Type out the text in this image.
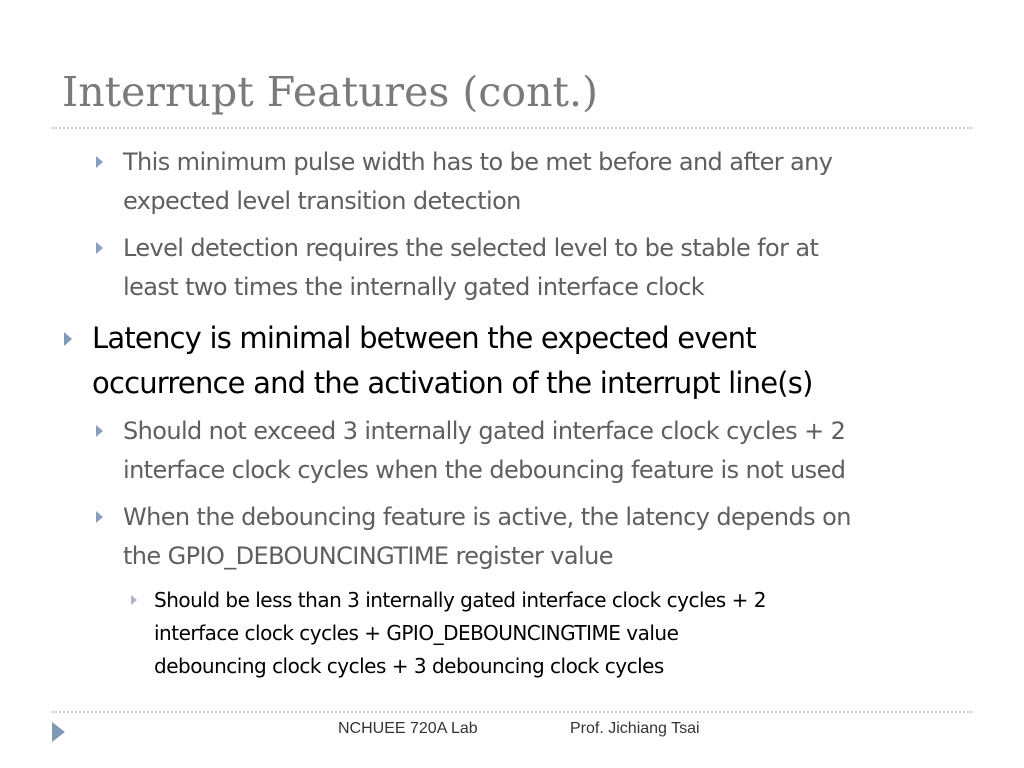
Interrupt Features (cont.)
This minimum pulse width has to be met before and after any
expected level transition detection
Level detection requires the selected level to be stable for at
least two times the internally gated interface clock
Latency is minimal between the expected event
occurrence and the activation of the interrupt line(s)
Should not exceed 3 internally gated interface clock cycles + 2
interface clock cycles when the debouncing feature is not used
When the debouncing feature is active, the latency depends on
the GPIO_DEBOUNCINGTIME register value
Should be less than 3 internally gated interface clock cycles + 2
interface clock cycles + GPIO_DEBOUNCINGTIME value
debouncing clock cycles + 3 debouncing clock cycles
NCHUEE 720A Lab	Prof. Jichiang Tsai
